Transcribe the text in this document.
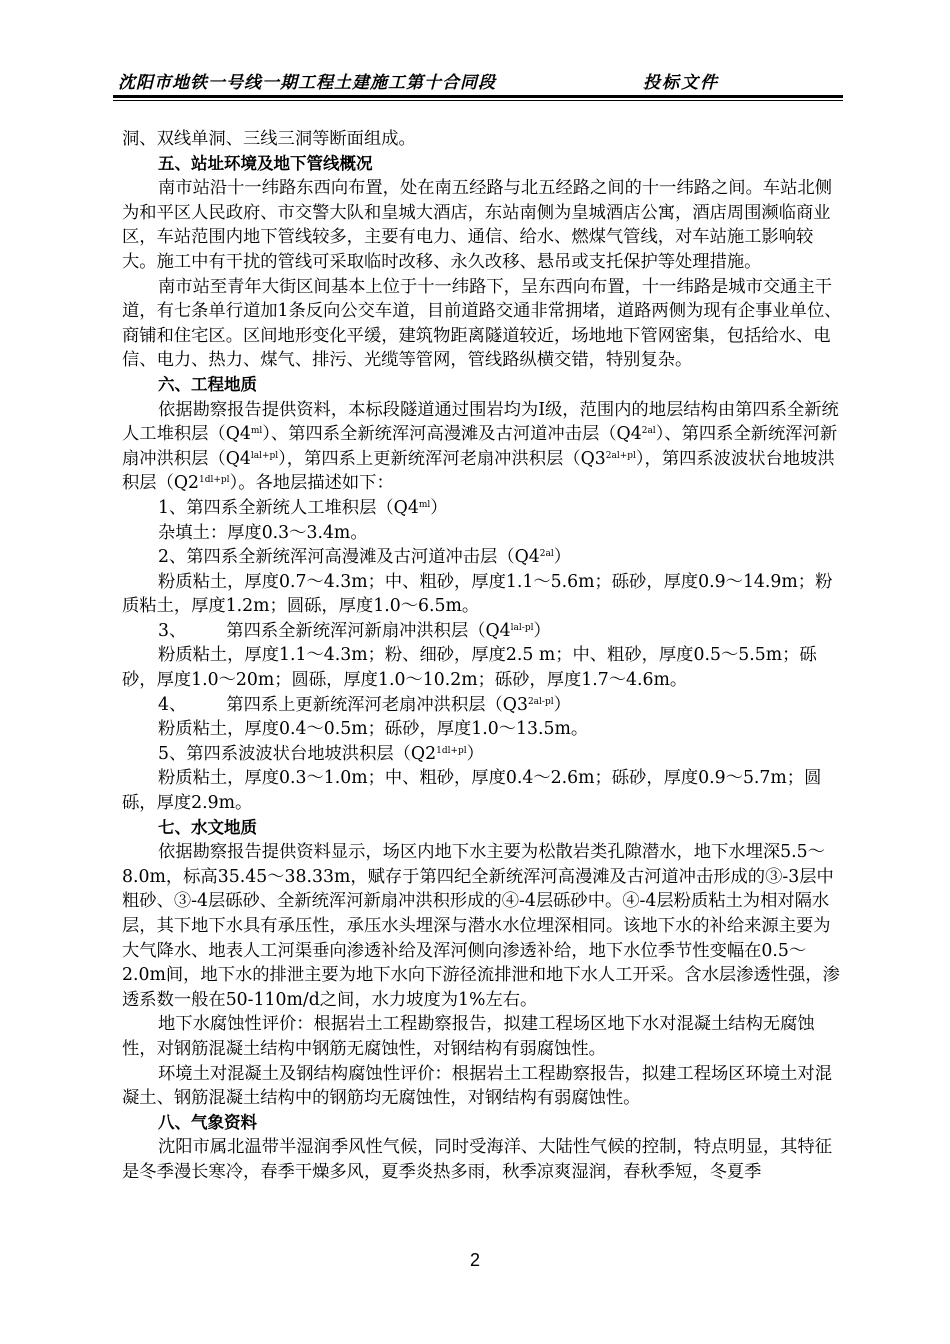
沈阳市地铁一号线一期工程土建施工第十合同段	投标文件

洞、双线单洞、三线三洞等断面组成。

五、站址环境及地下管线概况

南市站沿十一纬路东西向布置，处在南五经路与北五经路之间的十一纬路之间。车站北侧为和平区人民政府、市交警大队和皇城大酒店，东站南侧为皇城酒店公寓，酒店周围濒临商业区，车站范围内地下管线较多，主要有电力、通信、给水、燃煤气管线，对车站施工影响较大。施工中有干扰的管线可采取临时改移、永久改移、悬吊或支托保护等处理措施。

南市站至青年大街区间基本上位于十一纬路下，呈东西向布置，十一纬路是城市交通主干道，有七条单行道加1条反向公交车道，目前道路交通非常拥堵，道路两侧为现有企事业单位、商铺和住宅区。区间地形变化平缓，建筑物距离隧道较近，场地地下管网密集，包括给水、电信、电力、热力、煤气、排污、光缆等管网，管线路纵横交错，特别复杂。

六、工程地质

依据勘察报告提供资料，本标段隧道通过围岩均为Ⅰ级，范围内的地层结构由第四系全新统人工堆积层$(Q4^{ml})$、第四系全新统浑河高漫滩及古河道冲击层$(Q4^{2al})$、第四系全新统浑河新扇冲洪积层$(Q4^{lal+pl})$，第四系上更新统浑河老扇冲洪积层$(Q3^{2al+pl})$，第四系波波状台地坡洪积层$(Q2^{1dl+pl})$。各地层描述如下：

1、第四系全新统人工堆积层$(Q4^{ml})$

杂填土：厚度0.3～3.4m。

2、第四系全新统浑河高漫滩及古河道冲击层$(Q4^{2al})$

粉质粘土，厚度0.7～4.3m；中、粗砂，厚度1.1～5.6m；砾砂，厚度0.9～14.9m；粉质粘土，厚度1.2m；圆砾，厚度1.0～6.5m。

3、 第四系全新统浑河新扇冲洪积层$(Q4^{lal-pl})$

粉质粘土，厚度1.1～4.3m；粉、细砂，厚度2.5 m；中、粗砂，厚度0.5～5.5m；砾砂，厚度1.0～20m；圆砾，厚度1.0～10.2m；砾砂，厚度1.7～4.6m。

4、 第四系上更新统浑河老扇冲洪积层$(Q3^{2al-pl})$

粉质粘土，厚度0.4～0.5m；砾砂，厚度1.0～13.5m。

5、第四系波波状台地坡洪积层$(Q2^{1dl+pl})$

粉质粘土，厚度0.3～1.0m；中、粗砂，厚度0.4～2.6m；砾砂，厚度0.9～5.7m；圆砾，厚度2.9m。

七、水文地质

依据勘察报告提供资料显示，场区内地下水主要为松散岩类孔隙潜水，地下水埋深5.5～8.0m，标高35.45～38.33m，赋存于第四纪全新统浑河高漫滩及古河道冲击形成的③-3层中粗砂、③-4层砾砂、全新统浑河新扇冲洪积形成的④-4层砾砂中。④-4层粉质粘土为相对隔水层，其下地下水具有承压性，承压水头埋深与潜水水位埋深相同。该地下水的补给来源主要为大气降水、地表人工河渠垂向渗透补给及浑河侧向渗透补给，地下水位季节性变幅在0.5～2.0m间，地下水的排泄主要为地下水向下游径流排泄和地下水人工开采。含水层渗透性强，渗透系数一般在50-110m/d之间，水力坡度为1%左右。

地下水腐蚀性评价：根据岩土工程勘察报告，拟建工程场区地下水对混凝土结构无腐蚀性，对钢筋混凝土结构中钢筋无腐蚀性，对钢结构有弱腐蚀性。

环境土对混凝土及钢结构腐蚀性评价：根据岩土工程勘察报告，拟建工程场区环境土对混凝土、钢筋混凝土结构中的钢筋均无腐蚀性，对钢结构有弱腐蚀性。

八、气象资料

沈阳市属北温带半湿润季风性气候，同时受海洋、大陆性气候的控制，特点明显，其特征是冬季漫长寒冷，春季干燥多风，夏季炎热多雨，秋季凉爽湿润，春秋季短，冬夏季

2
